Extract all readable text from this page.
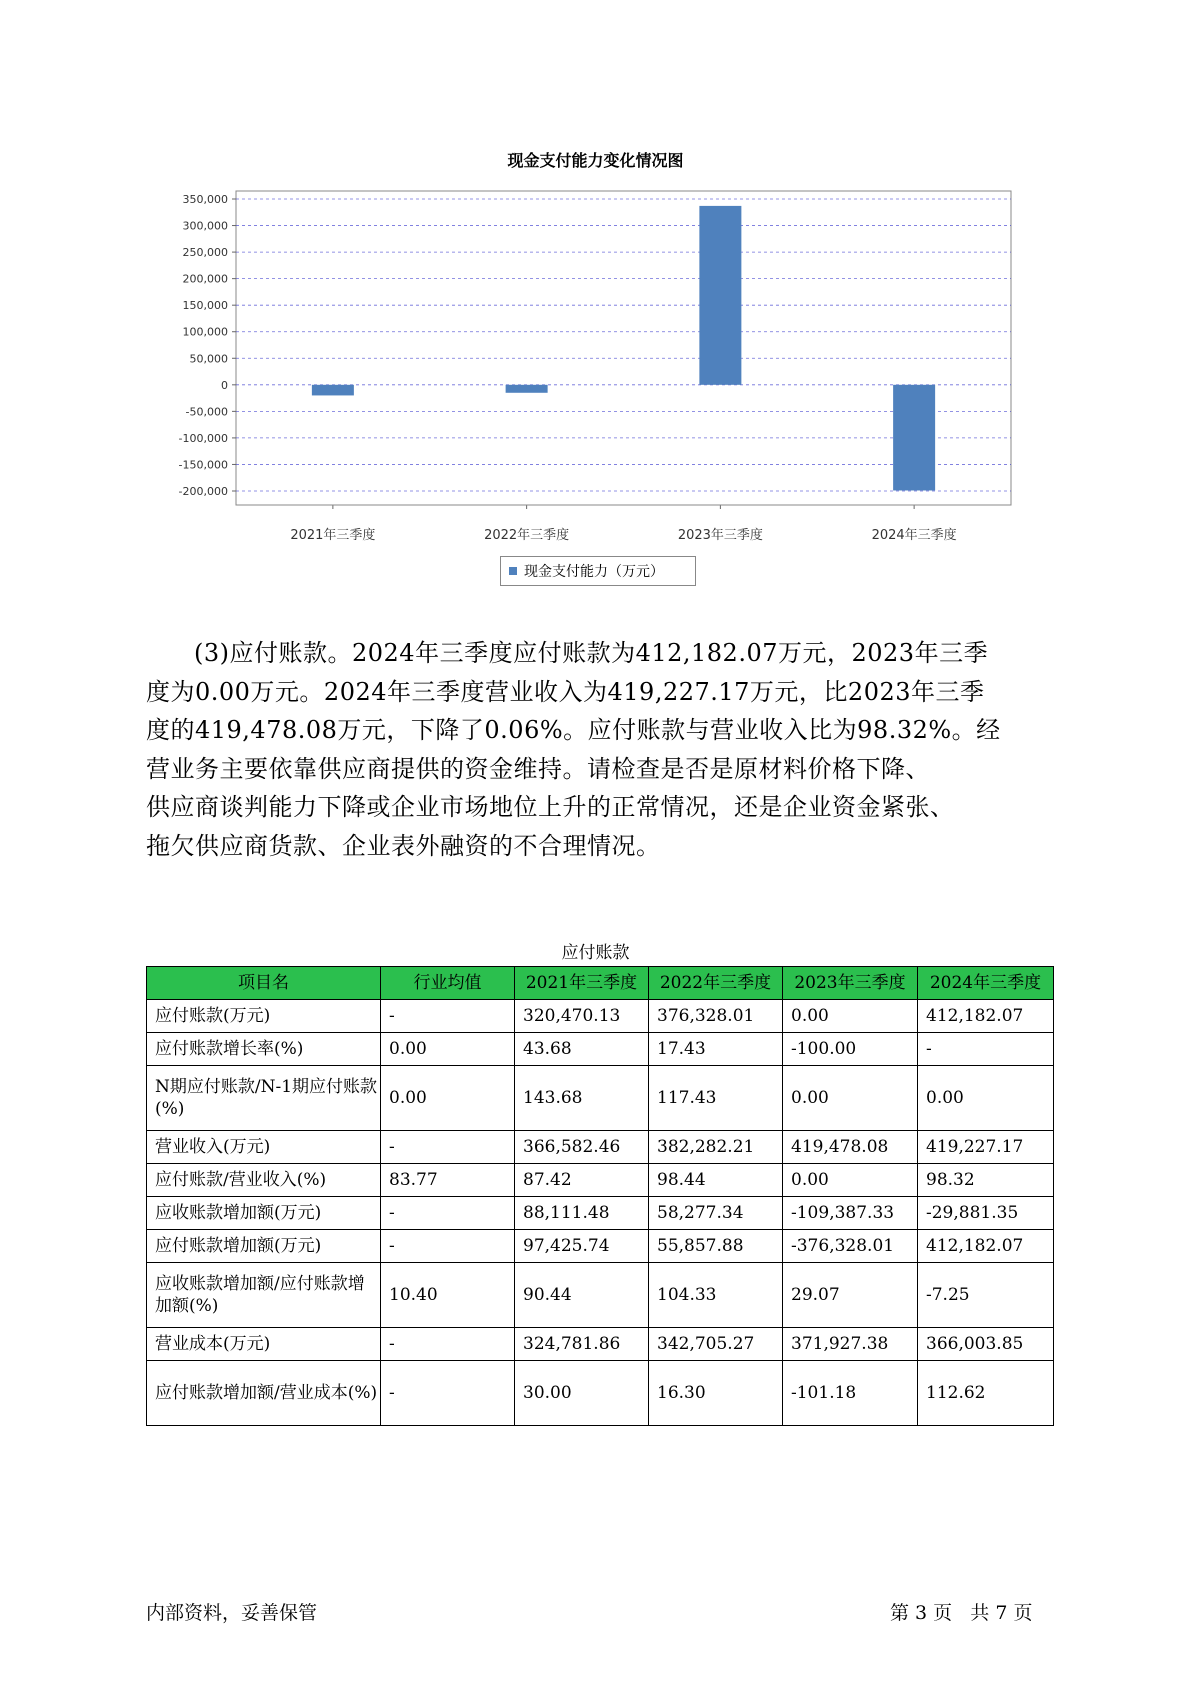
现金支付能力变化情况图
350,000
300,000
250,000
200,000
150,000
100,000
50,000
0
-50,000
-100,000
-150,000
-200,000
2021年三季度	2022年三季度	2023年三季度	2024年三季度
现金支付能力（万元）
(3)应付账款。2024年三季度应付账款为412,182.07万元，2023年三季
度为0.00万元。2024年三季度营业收入为419,227.17万元，比2023年三季
度的419,478.08万元，下降了0.06%。应付账款与营业收入比为98.32%。经
营业务主要依靠供应商提供的资金维持。请检查是否是原材料价格下降、
供应商谈判能力下降或企业市场地位上升的正常情况，还是企业资金紧张、
拖欠供应商货款、企业表外融资的不合理情况。
应付账款
项目名	行业均值	2021年三季度	2022年三季度	2023年三季度	2024年三季度
应付账款(万元)	-	320,470.13	376,328.01	0.00	412,182.07
应付账款增长率(%)	0.00	43.68	17.43	-100.00	-
N期应付账款/N-1期应付账款(%)	0.00	143.68	117.43	0.00	0.00
营业收入(万元)	-	366,582.46	382,282.21	419,478.08	419,227.17
应付账款/营业收入(%)	83.77	87.42	98.44	0.00	98.32
应收账款增加额(万元)	-	88,111.48	58,277.34	-109,387.33	-29,881.35
应付账款增加额(万元)	-	97,425.74	55,857.88	-376,328.01	412,182.07
应收账款增加额/应付账款增加额(%)	10.40	90.44	104.33	29.07	-7.25
营业成本(万元)	-	324,781.86	342,705.27	371,927.38	366,003.85
应付账款增加额/营业成本(%)	-	30.00	16.30	-101.18	112.62
内部资料，妥善保管	第 3 页   共 7 页
